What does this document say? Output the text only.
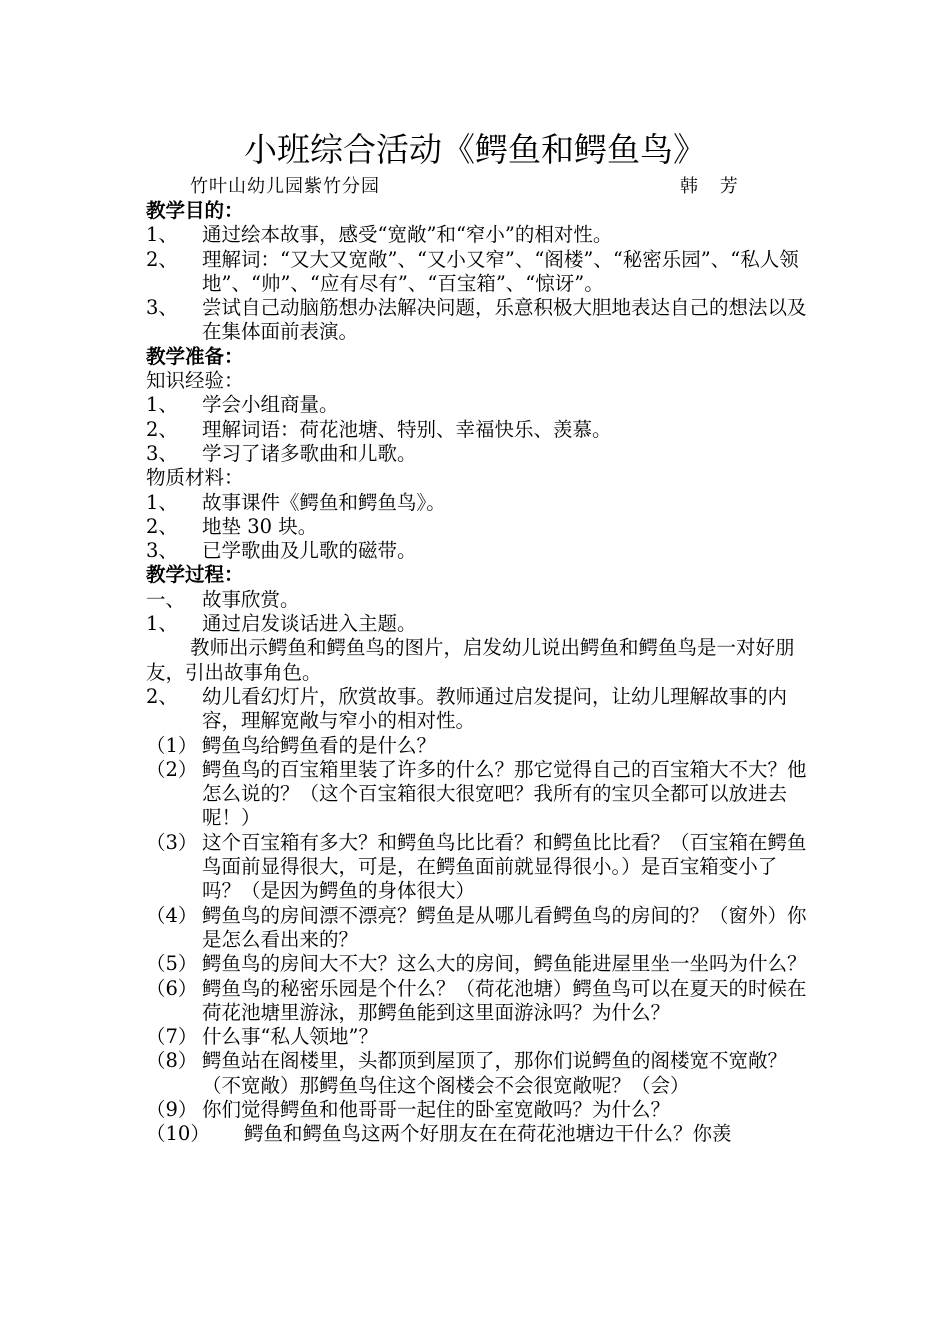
小班综合活动《鳄鱼和鳄鱼鸟》
竹叶山幼儿园紫竹分园	韩 芳
教学目的：
1、	通过绘本故事，感受“宽敞”和“窄小”的相对性。
2、	理解词：“又大又宽敞”、“又小又窄”、“阁楼”、“秘密乐园”、“私人领地”、“帅”、“应有尽有”、“百宝箱”、“惊讶”。
3、	尝试自己动脑筋想办法解决问题，乐意积极大胆地表达自己的想法以及在集体面前表演。
教学准备：
知识经验：
1、	学会小组商量。
2、	理解词语：荷花池塘、特别、幸福快乐、羡慕。
3、	学习了诸多歌曲和儿歌。
物质材料：
1、	故事课件《鳄鱼和鳄鱼鸟》。
2、	地垫 30 块。
3、	已学歌曲及儿歌的磁带。
教学过程：
一、 故事欣赏。
1、	通过启发谈话进入主题。
教师出示鳄鱼和鳄鱼鸟的图片，启发幼儿说出鳄鱼和鳄鱼鸟是一对好朋友，引出故事角色。
2、	幼儿看幻灯片，欣赏故事。教师通过启发提问，让幼儿理解故事的内容，理解宽敞与窄小的相对性。
（1） 鳄鱼鸟给鳄鱼看的是什么？
（2） 鳄鱼鸟的百宝箱里装了许多的什么？那它觉得自己的百宝箱大不大？他怎么说的？（这个百宝箱很大很宽吧？我所有的宝贝全都可以放进去呢！）
（3） 这个百宝箱有多大？和鳄鱼鸟比比看？和鳄鱼比比看？（百宝箱在鳄鱼鸟面前显得很大，可是，在鳄鱼面前就显得很小。）是百宝箱变小了吗？（是因为鳄鱼的身体很大）
（4） 鳄鱼鸟的房间漂不漂亮？鳄鱼是从哪儿看鳄鱼鸟的房间的？（窗外）你是怎么看出来的？
（5） 鳄鱼鸟的房间大不大？这么大的房间，鳄鱼能进屋里坐一坐吗为什么？
（6） 鳄鱼鸟的秘密乐园是个什么？（荷花池塘）鳄鱼鸟可以在夏天的时候在荷花池塘里游泳，那鳄鱼能到这里面游泳吗？为什么？
（7） 什么事“私人领地”？
（8） 鳄鱼站在阁楼里，头都顶到屋顶了，那你们说鳄鱼的阁楼宽不宽敞？（不宽敞）那鳄鱼鸟住这个阁楼会不会很宽敞呢？（会）
（9） 你们觉得鳄鱼和他哥哥一起住的卧室宽敞吗？为什么？
（10）	鳄鱼和鳄鱼鸟这两个好朋友在在荷花池塘边干什么？你羡
